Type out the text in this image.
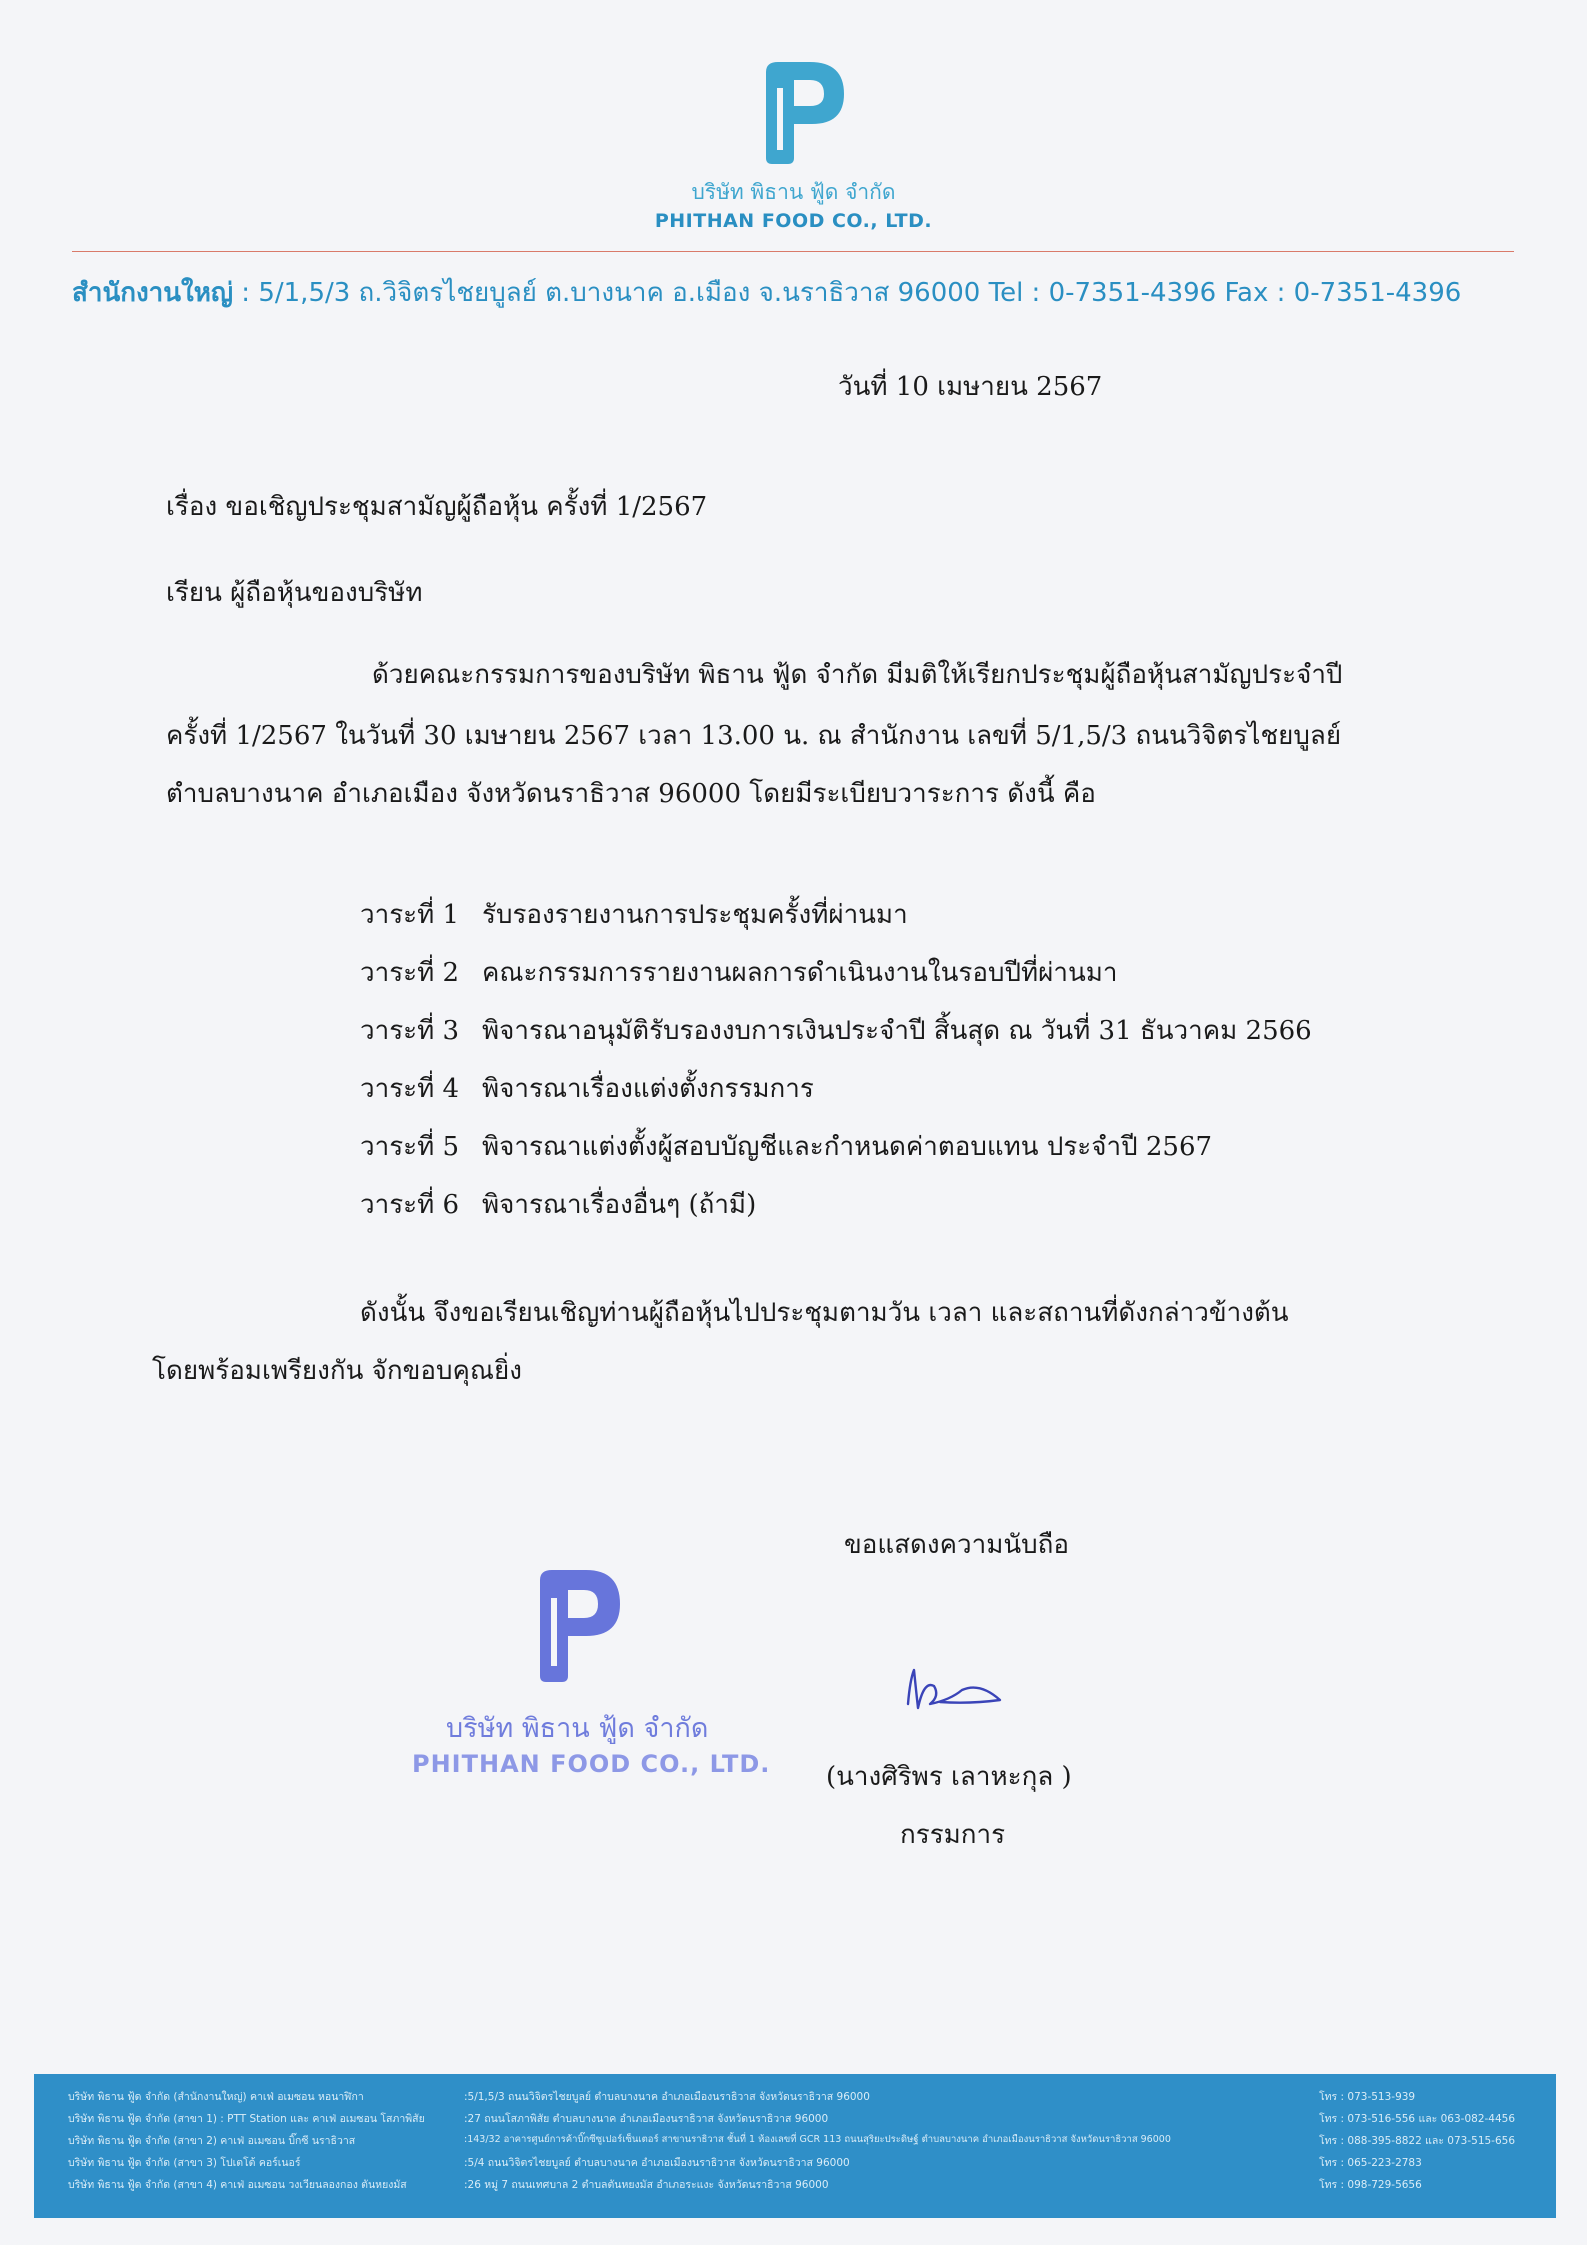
บริษัท พิธาน ฟู้ด จำกัด
PHITHAN FOOD CO., LTD.
สำนักงานใหญ่ : 5/1,5/3 ถ.วิจิตรไชยบูลย์ ต.บางนาค อ.เมือง จ.นราธิวาส 96000 Tel : 0-7351-4396 Fax : 0-7351-4396
วันที่ 10 เมษายน 2567
เรื่อง ขอเชิญประชุมสามัญผู้ถือหุ้น ครั้งที่ 1/2567
เรียน ผู้ถือหุ้นของบริษัท
ด้วยคณะกรรมการของบริษัท พิธาน ฟู้ด จำกัด มีมติให้เรียกประชุมผู้ถือหุ้นสามัญประจำปี
ครั้งที่ 1/2567 ในวันที่ 30 เมษายน 2567 เวลา 13.00 น. ณ สำนักงาน เลขที่ 5/1,5/3 ถนนวิจิตรไชยบูลย์
ตำบลบางนาค อำเภอเมือง จังหวัดนราธิวาส 96000 โดยมีระเบียบวาระการ ดังนี้ คือ
วาระที่ 1 รับรองรายงานการประชุมครั้งที่ผ่านมา
วาระที่ 2 คณะกรรมการรายงานผลการดำเนินงานในรอบปีที่ผ่านมา
วาระที่ 3 พิจารณาอนุมัติรับรองงบการเงินประจำปี สิ้นสุด ณ วันที่ 31 ธันวาคม 2566
วาระที่ 4 พิจารณาเรื่องแต่งตั้งกรรมการ
วาระที่ 5 พิจารณาแต่งตั้งผู้สอบบัญชีและกำหนดค่าตอบแทน ประจำปี 2567
วาระที่ 6 พิจารณาเรื่องอื่นๆ (ถ้ามี)
ดังนั้น จึงขอเรียนเชิญท่านผู้ถือหุ้นไปประชุมตามวัน เวลา และสถานที่ดังกล่าวข้างต้น
โดยพร้อมเพรียงกัน จักขอบคุณยิ่ง
ขอแสดงความนับถือ
บริษัท พิธาน ฟู้ด จำกัด
PHITHAN FOOD CO., LTD. (นางศิริพร เลาหะกุล )
กรรมการ
บริษัท พิธาน ฟู้ด จำกัด (สำนักงานใหญ่) คาเฟ่ อเมซอน หอนาฬิกา	:5/1,5/3 ถนนวิจิตรไชยบูลย์ ตำบลบางนาค อำเภอเมืองนราธิวาส จังหวัดนราธิวาส 96000	โทร : 073-513-939
บริษัท พิธาน ฟู้ด จำกัด (สาขา 1) : PTT Station และ คาเฟ่ อเมซอน โสภาพิสัย	:27 ถนนโสภาพิสัย ตำบลบางนาค อำเภอเมืองนราธิวาส จังหวัดนราธิวาส 96000	โทร : 073-516-556 และ 063-082-4456
บริษัท พิธาน ฟู้ด จำกัด (สาขา 2) คาเฟ่ อเมซอน บิ๊กซี นราธิวาส	:143/32 อาคารศูนย์การค้าบิ๊กซีซูเปอร์เซ็นเตอร์ สาขานราธิวาส ชั้นที่ 1 ห้องเลขที่ GCR 113 ถนนสุริยะประดิษฐ์ ตำบลบางนาค อำเภอเมืองนราธิวาส จังหวัดนราธิวาส 96000	โทร : 088-395-8822 และ 073-515-656
บริษัท พิธาน ฟู้ด จำกัด (สาขา 3) โปเตโต้ คอร์เนอร์	:5/4 ถนนวิจิตรไชยบูลย์ ตำบลบางนาค อำเภอเมืองนราธิวาส จังหวัดนราธิวาส 96000	โทร : 065-223-2783
บริษัท พิธาน ฟู้ด จำกัด (สาขา 4) คาเฟ่ อเมซอน วงเวียนลองกอง ตันหยงมัส	:26 หมู่ 7 ถนนเทศบาล 2 ตำบลตันหยงมัส อำเภอระแงะ จังหวัดนราธิวาส 96000	โทร : 098-729-5656
